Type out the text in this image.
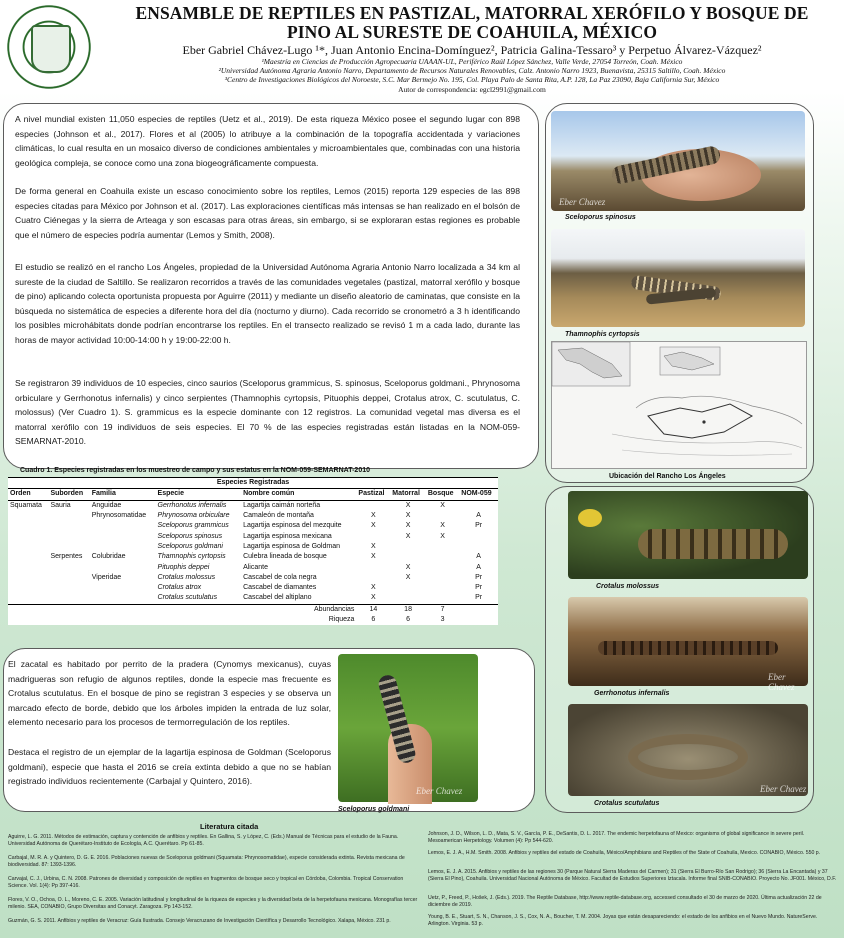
ENSAMBLE DE REPTILES EN PASTIZAL, MATORRAL XERÓFILO Y BOSQUE DE
PINO AL SURESTE DE COAHUILA, MÉXICO
Eber Gabriel Chávez-Lugo ¹*, Juan Antonio Encina-Domínguez², Patricia Galina-Tessaro³ y Perpetuo Álvarez-Vázquez²
¹Maestría en Ciencias de Producción Agropecuaria UAAAN-UL, Periférico Raúl López Sánchez, Valle Verde, 27054 Torreón, Coah. México
²Universidad Autónoma Agraria Antonio Narro, Departamento de Recursos Naturales Renovables, Calz. Antonio Narro 1923, Buenavista, 25315 Saltillo, Coah. México
³Centro de Investigaciones Biológicos del Noroeste, S.C. Mar Bermejo No. 195, Col. Playa Palo de Santa Rita, A.P. 128, La Paz 23090, Baja California Sur, México
Autor de correspondencia: egcl2991@gmail.com
A nivel mundial existen 11,050 especies de reptiles (Uetz et al., 2019). De esta riqueza México posee el segundo lugar con 898 especies (Johnson et al., 2017). Flores et al (2005) lo atribuye a la combinación de la topografía accidentada y variaciones climáticas, lo cual resulta en un mosaico diverso de condiciones ambientales y microambientales que, combinadas con una historia geológica compleja, se conoce como una zona biogeográficamente compuesta.
De forma general en Coahuila existe un escaso conocimiento sobre los reptiles, Lemos (2015) reporta 129 especies de las 898 especies citadas para México por Johnson et al. (2017). Las exploraciones científicas más intensas se han realizado en el bolsón de Cuatro Ciénegas y la sierra de Arteaga y son escasas para otras áreas, sin embargo, si se exploraran estas regiones es probable que el número de especies podría aumentar (Lemos y Smith, 2008).
El estudio se realizó en el rancho Los Ángeles, propiedad de la Universidad Autónoma Agraria Antonio Narro localizada a 34 km al sureste de la ciudad de Saltillo. Se realizaron recorridos a través de las comunidades vegetales (pastizal, matorral xerófilo y bosque de pino) aplicando colecta oportunista propuesta por Aguirre (2011) y mediante un diseño aleatorio de caminatas, que consiste en la búsqueda no sistemática de especies a diferente hora del día (nocturno y diurno). Cada recorrido se cronometró a 3 h identificando los posibles microhábitats donde podrían encontrarse los reptiles. En el transecto realizado se revisó 1 m a cada lado, durante las horas de mayor actividad 10:00-14:00 h y 19:00-22:00 h.
Se registraron 39 individuos de 10 especies, cinco saurios (Sceloporus grammicus, S. spinosus, Sceloporus goldmani., Phrynosoma orbiculare y Gerrhonotus infernalis) y cinco serpientes (Thamnophis cyrtopsis, Pituophis deppei, Crotalus atrox, C. scutulatus, C. molossus) (Ver Cuadro 1). S. grammicus es la especie dominante con 12 registros. La comunidad vegetal mas diversa es el matorral xerófilo con 19 individuos de seis especies. El 70 % de las especies registradas están listadas en la NOM-059-SEMARNAT-2010.
Eber Chavez
Sceloporus spinosus
Thamnophis cyrtopsis
Ubicación del Rancho Los Ángeles
Crotalus molossus
Eber Chavez
Gerrhonotus infernalis
Eber Chavez
Crotalus scutulatus
Cuadro 1. Especies registradas en los muestreo de campo y sus estatus en la NOM-059-SEMARNAT-2010
Especies Registradas								
Orden	Suborden	Familia	Especie	Nombre común	Pastizal	Matorral	Bosque	NOM-059
Squamata	Sauria	Anguidae	Gerrhonotus infernalis	Lagartija caimán norteña		X	X	
		Phrynosomatidae	Phrynosoma orbiculare	Camaleón de montaña	X	X		A
			Sceloporus grammicus	Lagartija espinosa del mezquite	X	X	X	Pr
			Sceloporus spinosus	Lagartija espinosa mexicana		X	X	
			Sceloporus goldmani	Lagartija espinosa de Goldman	X			
	Serpentes	Colubridae	Thamnophis cyrtopsis	Culebra lineada de bosque	X			A
			Pituophis deppei	Alicante		X		A
		Viperidae	Crotalus molossus	Cascabel de cola negra		X		Pr
			Crotalus atrox	Cascabel de diamantes	X			Pr
			Crotalus scutulatus	Cascabel del altiplano	X			Pr
Abundancias					14	18	7	
Riqueza					6	6	3	
El zacatal es habitado por perrito de la pradera (Cynomys mexicanus), cuyas madrigueras son refugio de algunos reptiles, donde la especie mas frecuente es Crotalus scutulatus. En el bosque de pino se registran 3 especies y se observa un marcado efecto de borde, debido que los árboles impiden la entrada de luz solar, elemento necesario para los procesos de termorregulación de los reptiles.
Destaca el registro de un ejemplar de la lagartija espinosa de Goldman (Sceloporus goldmani), especie que hasta el 2016 se creía extinta debido a que no se habían registrado individuos recientemente (Carbajal y Quintero, 2016).
Eber Chavez
Sceloporus goldmani
Literatura citada
Aguirre, L. G. 2011. Métodos de estimación, captura y contención de anfibios y reptiles. En Gallina, S. y López, C. (Eds.) Manual de Técnicas para el estudio de la Fauna. Universidad Autónoma de Querétaro-Instituto de Ecología, A.C. Querétaro. Pp 61-85.
Carbajal, M. R. A. y Quintero, D. G. E. 2016. Poblaciones nuevas de Sceloporus goldmani (Squamata: Phrynosomatidae), especie considerada extinta. Revista mexicana de biodiversidad. 87: 1393-1396.
Carvajal, C. J., Urbina, C. N. 2008. Patrones de diversidad y composición de reptiles en fragmentos de bosque seco y tropical en Córdoba, Colombia. Tropical Conservation Science. Vol. 1(4): Pp 397-416.
Flores, V. O., Ochoa, O. L., Moreno, C. E. 2005. Variación latitudinal y longitudinal de la riqueza de especies y la diversidad beta de la herpetofauna mexicana. Monografías tercer milenio. SEA, CONABIO, Grupo Diversitas and Conacyt. Zaragoza. Pp 143-152.
Guzmán, G. S. 2011. Anfibios y reptiles de Veracruz: Guía Ilustrada. Consejo Veracruzano de Investigación Científica y Desarrollo Tecnológico. Xalapa, México. 231 p.
Johnson, J. D., Wilson, L. D., Mata, S. V., García, P. E., DeSantis, D. L. 2017. The endemic herpetofauna of Mexico: organisms of global significance in severe peril. Mesoamerican Herpetology. Volumen (4): Pp 544-620.
Lemos, E. J. A., H.M. Smith. 2008. Anfibios y reptiles del estado de Coahuila, México/Amphibians and Reptiles of the State of Coahuila, Mexico. CONABIO, México. 550 p.
Lemos, E. J. A. 2015. Anfibios y reptiles de las regiones 30 (Parque Natural Sierra Maderas del Carmen); 31 (Sierra El Burro-Río San Rodrigo); 36 (Sierra La Encantada) y 37 (Sierra El Pino), Coahuila. Universidad Nacional Autónoma de México. Facultad de Estudios Superiores Iztacala. Informe final SNIB-CONABIO. Proyecto No. JF001. México, D.F.
Uetz, P., Freed, P., Hošek, J. (Eds.). 2019. The Reptile Database, http://www.reptile-database.org, accessed consultado el 30 de marzo de 2020. Última actualización 22 de diciembre de 2019.
Young, B. E., Stuart, S. N., Chanson, J. S., Cox, N. A., Boucher, T. M. 2004. Joyas que están desapareciendo: el estado de los anfibios en el Nuevo Mundo. NatureServe. Arlington. Virginia. 53 p.
